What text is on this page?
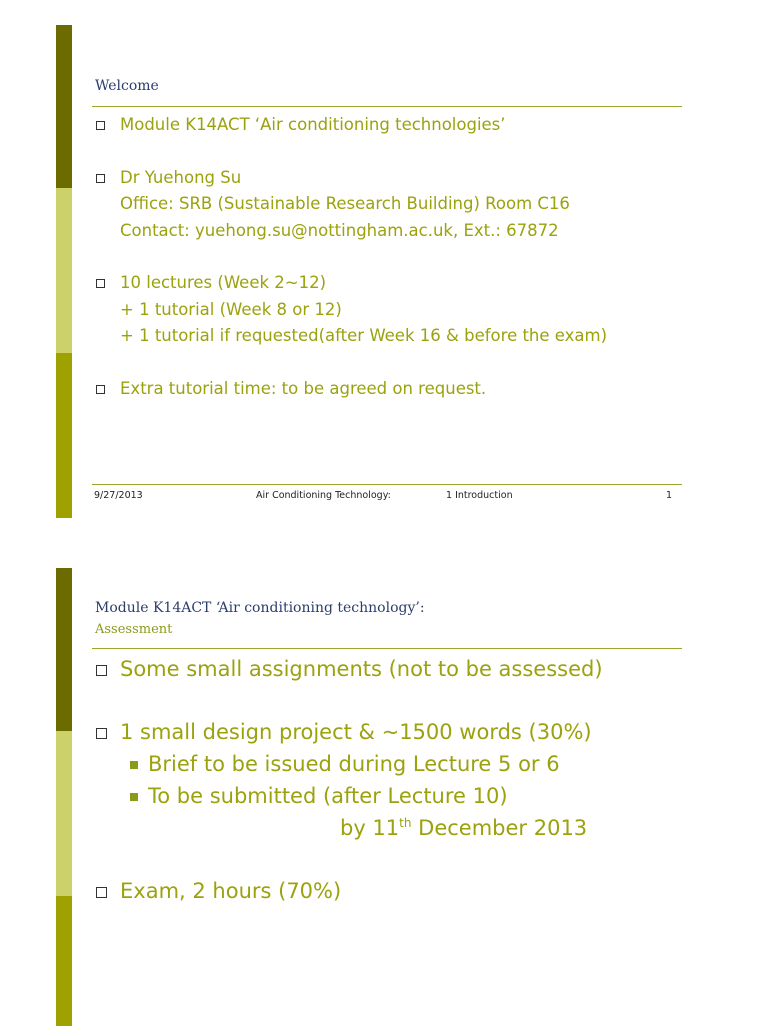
Welcome
Module K14ACT ‘Air conditioning technologies’
Dr Yuehong Su
Office: SRB (Sustainable Research Building) Room C16
Contact: yuehong.su@nottingham.ac.uk, Ext.: 67872
10 lectures (Week 2~12)
+ 1 tutorial (Week 8 or 12)
+ 1 tutorial if requested(after Week 16 & before the exam)
Extra tutorial time: to be agreed on request.
9/27/2013	Air Conditioning Technology:	1 Introduction	1
Module K14ACT ‘Air conditioning technology’:
Assessment
Some small assignments (not to be assessed)
1 small design project & ~1500 words (30%)
Brief to be issued during Lecture 5 or 6
To be submitted (after Lecture 10)
by 11th December 2013
Exam, 2 hours (70%)
